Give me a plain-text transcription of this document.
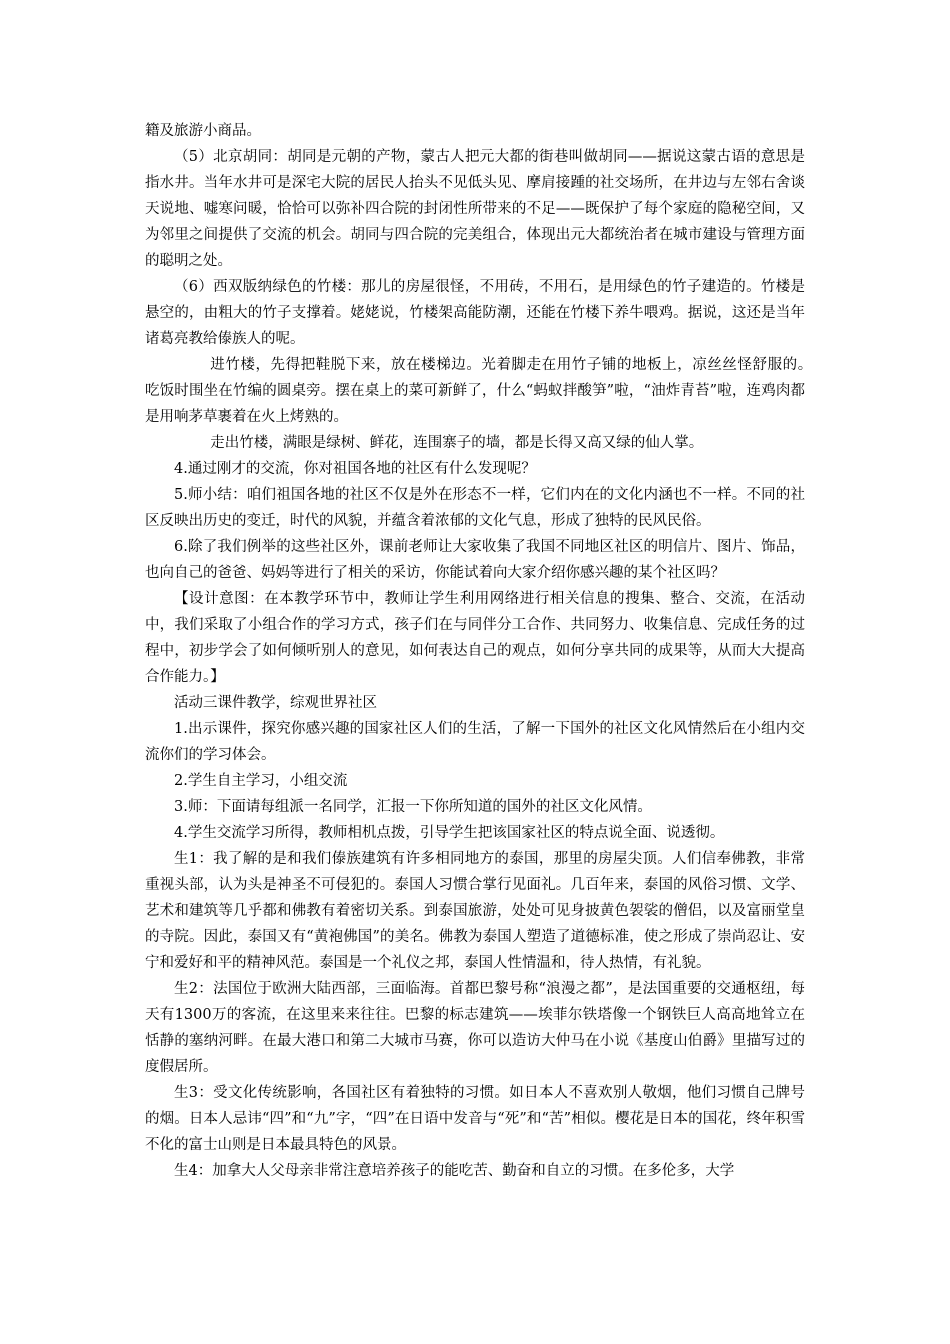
籍及旅游小商品。

（5）北京胡同：胡同是元朝的产物，蒙古人把元大都的街巷叫做胡同——据说这蒙古语的意思是指水井。当年水井可是深宅大院的居民人抬头不见低头见、摩肩接踵的社交场所，在井边与左邻右舍谈天说地、嘘寒问暖，恰恰可以弥补四合院的封闭性所带来的不足——既保护了每个家庭的隐秘空间，又为邻里之间提供了交流的机会。胡同与四合院的完美组合，体现出元大都统治者在城市建设与管理方面的聪明之处。

（6）西双版纳绿色的竹楼：那儿的房屋很怪，不用砖，不用石，是用绿色的竹子建造的。竹楼是悬空的，由粗大的竹子支撑着。姥姥说，竹楼架高能防潮，还能在竹楼下养牛喂鸡。据说，这还是当年诸葛亮教给傣族人的呢。

进竹楼，先得把鞋脱下来，放在楼梯边。光着脚走在用竹子铺的地板上，凉丝丝怪舒服的。　　吃饭时围坐在竹编的圆桌旁。摆在桌上的菜可新鲜了，什么“蚂蚁拌酸笋”啦，“油炸青苔”啦，连鸡肉都是用响茅草裹着在火上烤熟的。

走出竹楼，满眼是绿树、鲜花，连围寨子的墙，都是长得又高又绿的仙人掌。

4.通过刚才的交流，你对祖国各地的社区有什么发现呢？

5.师小结：咱们祖国各地的社区不仅是外在形态不一样，它们内在的文化内涵也不一样。不同的社区反映出历史的变迁，时代的风貌，并蕴含着浓郁的文化气息，形成了独特的民风民俗。

6.除了我们例举的这些社区外，课前老师让大家收集了我国不同地区社区的明信片、图片、饰品，也向自己的爸爸、妈妈等进行了相关的采访，你能试着向大家介绍你感兴趣的某个社区吗？

【设计意图：在本教学环节中，教师让学生利用网络进行相关信息的搜集、整合、交流，在活动中，我们采取了小组合作的学习方式，孩子们在与同伴分工合作、共同努力、收集信息、完成任务的过程中，初步学会了如何倾听别人的意见，如何表达自己的观点，如何分享共同的成果等，从而大大提高合作能力。】

活动三课件教学，综观世界社区

1.出示课件，探究你感兴趣的国家社区人们的生活，了解一下国外的社区文化风情然后在小组内交流你们的学习体会。

2.学生自主学习，小组交流

3.师：下面请每组派一名同学，汇报一下你所知道的国外的社区文化风情。

4.学生交流学习所得，教师相机点拨，引导学生把该国家社区的特点说全面、说透彻。

生1：我了解的是和我们傣族建筑有许多相同地方的泰国，那里的房屋尖顶。人们信奉佛教，非常重视头部，认为头是神圣不可侵犯的。泰国人习惯合掌行见面礼。几百年来，泰国的风俗习惯、文学、艺术和建筑等几乎都和佛教有着密切关系。到泰国旅游，处处可见身披黄色袈裟的僧侣，以及富丽堂皇的寺院。因此，泰国又有“黄袍佛国”的美名。佛教为泰国人塑造了道德标准，使之形成了崇尚忍让、安宁和爱好和平的精神风范。泰国是一个礼仪之邦，泰国人性情温和，待人热情，有礼貌。

生2：法国位于欧洲大陆西部，三面临海。首都巴黎号称“浪漫之都”，是法国重要的交通枢纽，每天有1300万的客流，在这里来来往往。巴黎的标志建筑——埃菲尔铁塔像一个钢铁巨人高高地耸立在恬静的塞纳河畔。在最大港口和第二大城市马赛，你可以造访大仲马在小说《基度山伯爵》里描写过的度假居所。

生3：受文化传统影响，各国社区有着独特的习惯。如日本人不喜欢别人敬烟，他们习惯自己牌号的烟。日本人忌讳“四”和“九”字，“四”在日语中发音与“死”和“苦”相似。樱花是日本的国花，终年积雪不化的富士山则是日本最具特色的风景。

生4：加拿大人父母亲非常注意培养孩子的能吃苦、勤奋和自立的习惯。在多伦多，大学
